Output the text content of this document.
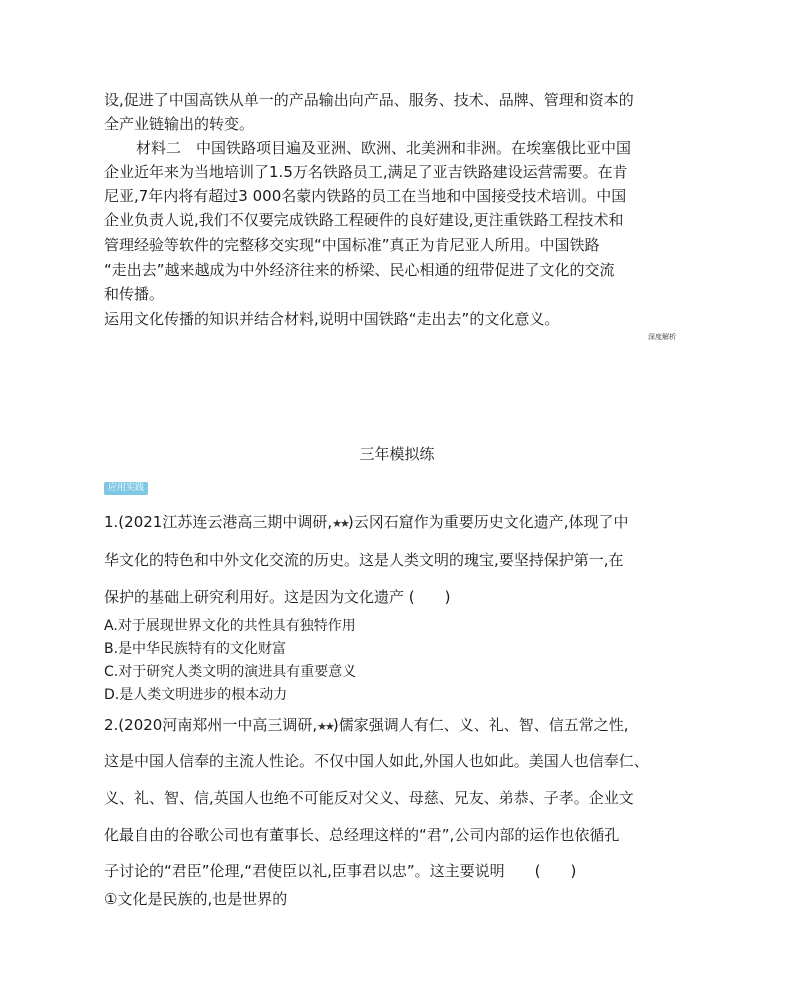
设,促进了中国高铁从单一的产品输出向产品、服务、技术、品牌、管理和资本的
全产业链输出的转变。
材料二　中国铁路项目遍及亚洲、欧洲、北美洲和非洲。在埃塞俄比亚中国
企业近年来为当地培训了1.5万名铁路员工,满足了亚吉铁路建设运营需要。在肯
尼亚,7年内将有超过3 000名蒙内铁路的员工在当地和中国接受技术培训。中国
企业负责人说,我们不仅要完成铁路工程硬件的良好建设,更注重铁路工程技术和
管理经验等软件的完整移交实现“中国标准”真正为肯尼亚人所用。中国铁路
“走出去”越来越成为中外经济往来的桥梁、民心相通的纽带促进了文化的交流
和传播。
运用文化传播的知识并结合材料,说明中国铁路“走出去”的文化意义。
深度解析
三年模拟练
应用实践
1.(2021江苏连云港高三期中调研,★★)云冈石窟作为重要历史文化遗产,体现了中
华文化的特色和中外文化交流的历史。这是人类文明的瑰宝,要坚持保护第一,在
保护的基础上研究利用好。这是因为文化遗产 (　　)
A.对于展现世界文化的共性具有独特作用
B.是中华民族特有的文化财富
C.对于研究人类文明的演进具有重要意义
D.是人类文明进步的根本动力
2.(2020河南郑州一中高三调研,★★)儒家强调人有仁、义、礼、智、信五常之性,
这是中国人信奉的主流人性论。不仅中国人如此,外国人也如此。美国人也信奉仁、
义、礼、智、信,英国人也绝不可能反对父义、母慈、兄友、弟恭、子孝。企业文
化最自由的谷歌公司也有董事长、总经理这样的“君”,公司内部的运作也依循孔
子讨论的“君臣”伦理,“君使臣以礼,臣事君以忠”。这主要说明　　(　　)
①文化是民族的,也是世界的
